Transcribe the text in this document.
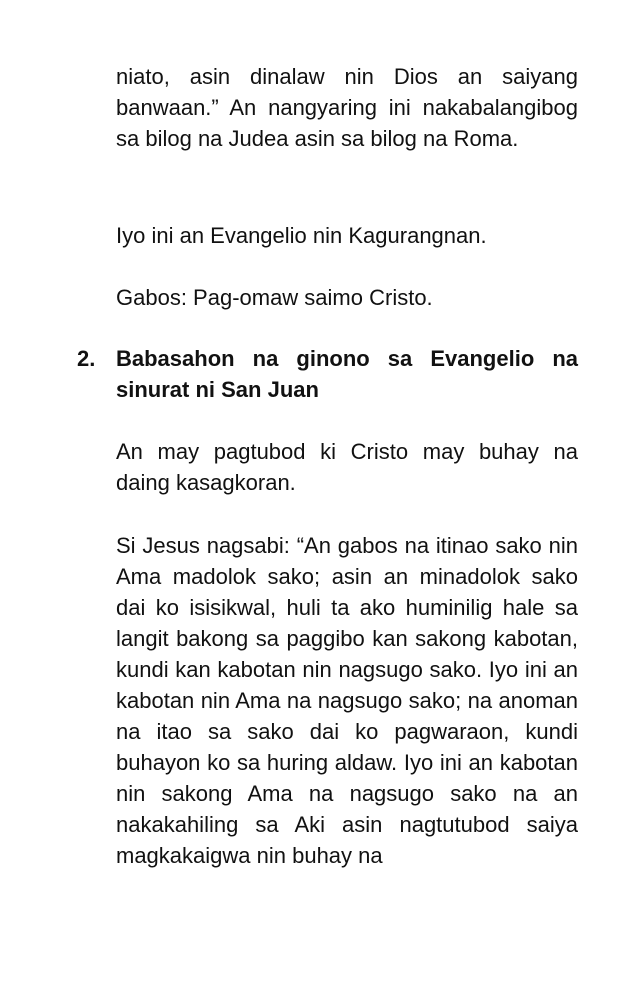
niato, asin dinalaw nin Dios an saiyang banwaan.” An nangyaring ini nakabalangibog sa bilog na Judea asin sa bilog na Roma.

Iyo ini an Evangelio nin Kagurangnan.

Gabos: Pag-omaw saimo Cristo.

2. Babasahon na ginono sa Evangelio na sinurat ni San Juan

An may pagtubod ki Cristo may buhay na daing kasagkoran.

Si Jesus nagsabi: “An gabos na itinao sako nin Ama madolok sako; asin an minadolok sako dai ko isisikwal, huli ta ako huminilig hale sa langit bakong sa paggibo kan sakong kabotan, kundi kan kabotan nin nagsugo sako. Iyo ini an kabotan nin Ama na nagsugo sako; na anoman na itao sa sako dai ko pagwaraon, kundi buhayon ko sa huring aldaw. Iyo ini an kabotan nin sakong Ama na nagsugo sako na an nakakahiling sa Aki asin nagtutubod saiya magkakaigwa nin buhay na
